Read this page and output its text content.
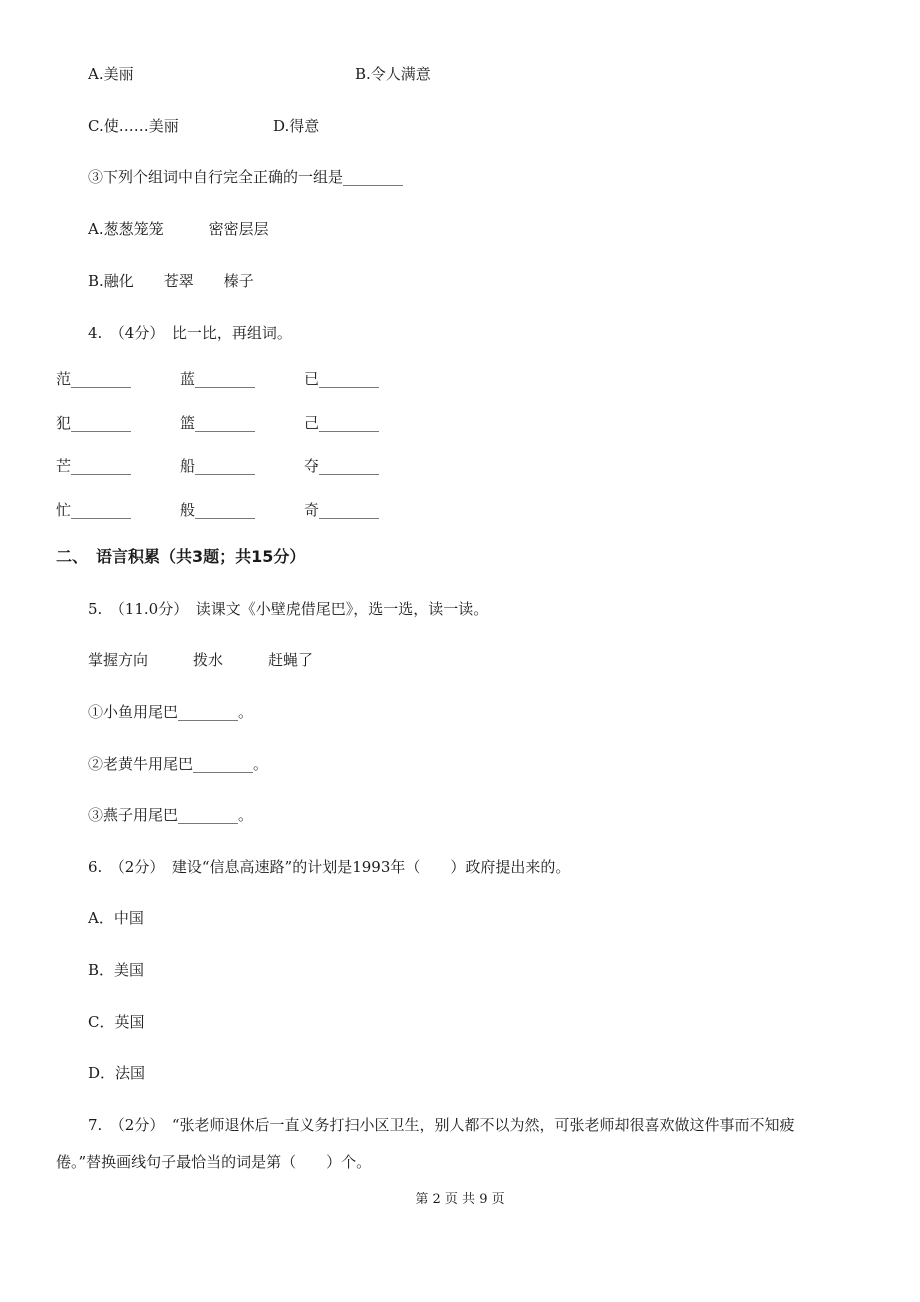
A.美丽	B.令人满意
C.使……美丽	D.得意
③下列个组词中自行完全正确的一组是________
A.葱葱笼笼　　　密密层层
B.融化　　苍翠　　榛子
4.　（4分）　比一比，再组词。
范________	蓝________	已________
犯________	篮________	己________
芒________	船________	夺________
忙________	般________	奇________
二、　语言积累（共3题；共15分）
5.　（11.0分）　读课文《小壁虎借尾巴》，选一选，读一读。
掌握方向　　　拨水　　　赶蝇了
①小鱼用尾巴________。
②老黄牛用尾巴________。
③燕子用尾巴________。
6.　（2分）　建设“信息高速路”的计划是1993年（　　）政府提出来的。
A．中国
B．美国
C．英国
D．法国
7.　（2分）　“张老师退休后一直义务打扫小区卫生，别人都不以为然，可张老师却很喜欢做这件事而不知疲
倦。”替换画线句子最恰当的词是第（　　）个。
第 2 页 共 9 页
